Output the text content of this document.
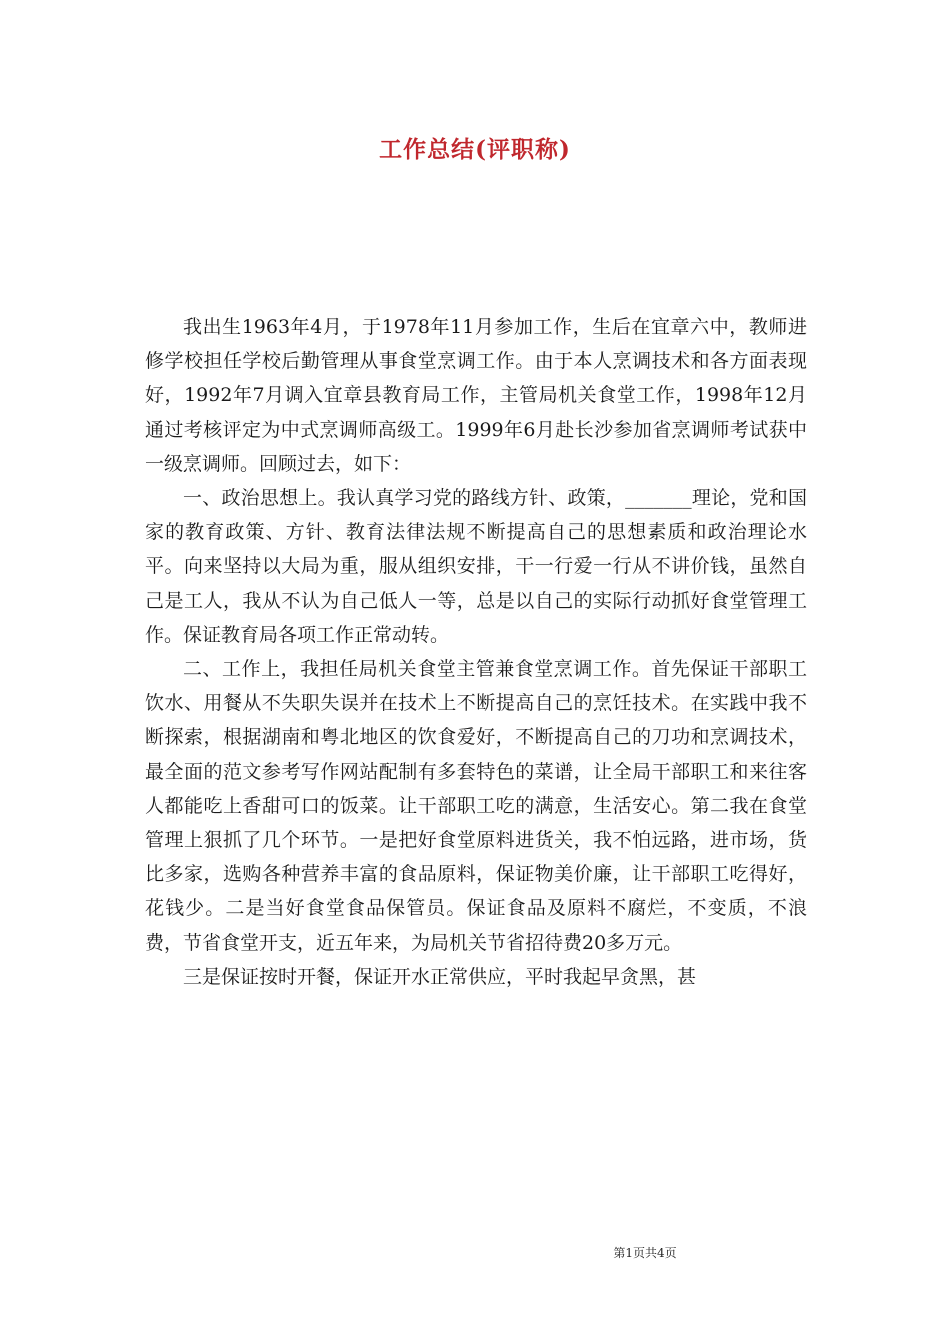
工作总结(评职称)

我出生1963年4月，于1978年11月参加工作，生后在宜章六中，教师进修学校担任学校后勤管理从事食堂烹调工作。由于本人烹调技术和各方面表现好，1992年7月调入宜章县教育局工作，主管局机关食堂工作，1998年12月通过考核评定为中式烹调师高级工。1999年6月赴长沙参加省烹调师考试获中一级烹调师。回顾过去，如下：

一、政治思想上。我认真学习党的路线方针、政策，_______理论，党和国家的教育政策、方针、教育法律法规不断提高自己的思想素质和政治理论水平。向来坚持以大局为重，服从组织安排，干一行爱一行从不讲价钱，虽然自己是工人，我从不认为自己低人一等，总是以自己的实际行动抓好食堂管理工作。保证教育局各项工作正常动转。

二、工作上，我担任局机关食堂主管兼食堂烹调工作。首先保证干部职工饮水、用餐从不失职失误并在技术上不断提高自己的烹饪技术。在实践中我不断探索，根据湖南和粤北地区的饮食爱好，不断提高自己的刀功和烹调技术，最全面的范文参考写作网站配制有多套特色的菜谱，让全局干部职工和来往客人都能吃上香甜可口的饭菜。让干部职工吃的满意，生活安心。第二我在食堂管理上狠抓了几个环节。一是把好食堂原料进货关，我不怕远路，进市场，货比多家，选购各种营养丰富的食品原料，保证物美价廉，让干部职工吃得好，花钱少。二是当好食堂食品保管员。保证食品及原料不腐烂，不变质，不浪费，节省食堂开支，近五年来，为局机关节省招待费20多万元。

三是保证按时开餐，保证开水正常供应，平时我起早贪黑，甚

第1页共4页
